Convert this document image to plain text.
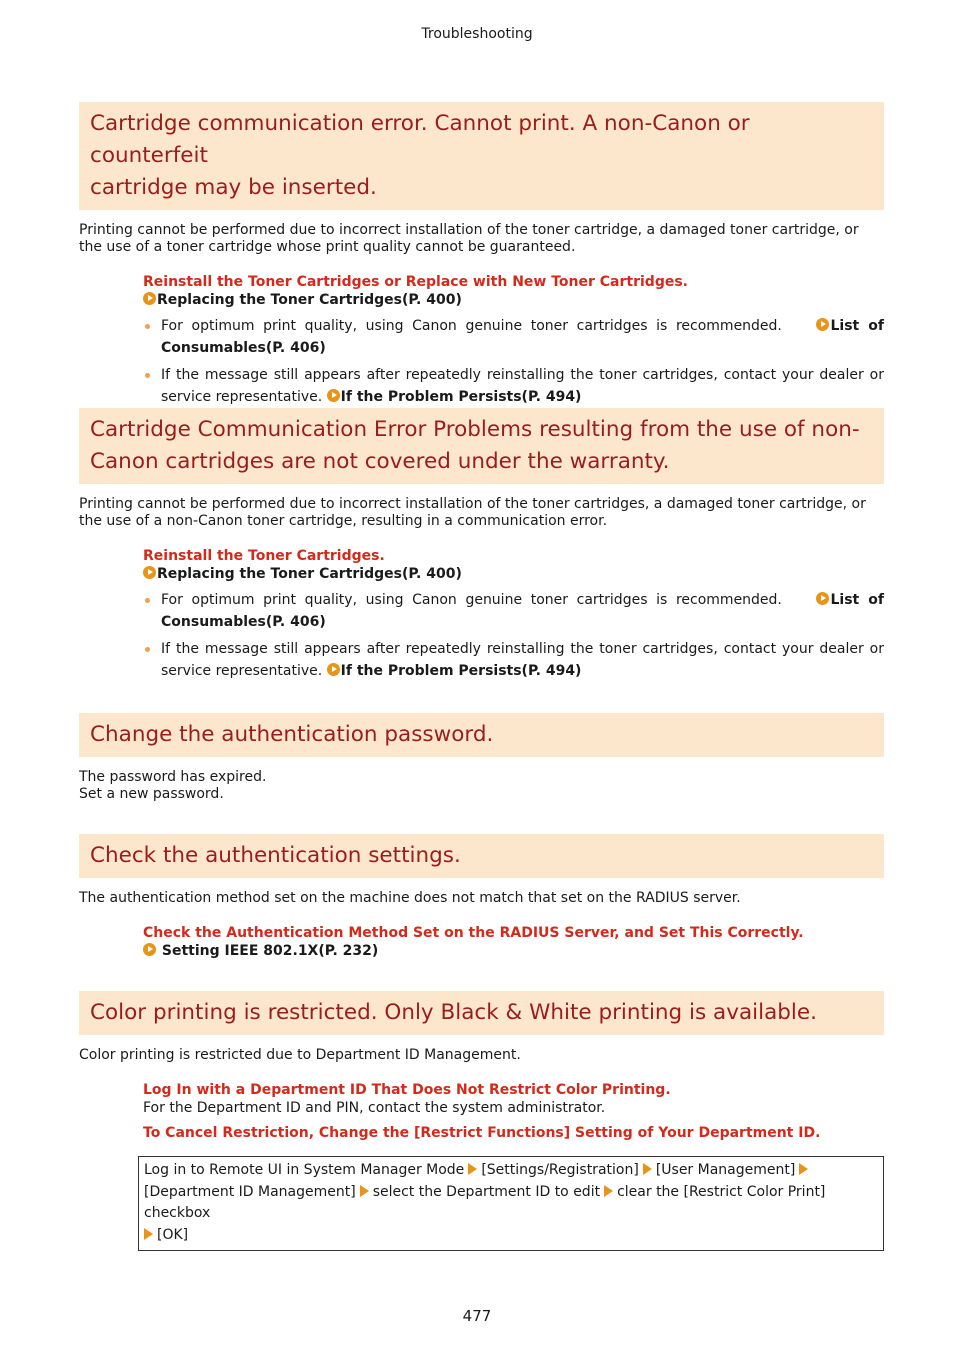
Troubleshooting
Cartridge communication error. Cannot print. A non-Canon or counterfeit
cartridge may be inserted.
Printing cannot be performed due to incorrect installation of the toner cartridge, a damaged toner cartridge, or the use of a toner cartridge whose print quality cannot be guaranteed.
Reinstall the Toner Cartridges or Replace with New Toner Cartridges.
Replacing the Toner Cartridges(P. 400)
For optimum print quality, using Canon genuine toner cartridges is recommended.	List of Consumables(P. 406)
If the message still appears after repeatedly reinstalling the toner cartridges, contact your dealer or service representative. If the Problem Persists(P. 494)
Cartridge Communication Error Problems resulting from the use of non-
Canon cartridges are not covered under the warranty.
Printing cannot be performed due to incorrect installation of the toner cartridges, a damaged toner cartridge, or the use of a non-Canon toner cartridge, resulting in a communication error.
Reinstall the Toner Cartridges.
Replacing the Toner Cartridges(P. 400)
For optimum print quality, using Canon genuine toner cartridges is recommended.	List of Consumables(P. 406)
If the message still appears after repeatedly reinstalling the toner cartridges, contact your dealer or service representative. If the Problem Persists(P. 494)
Change the authentication password.
The password has expired.
Set a new password.
Check the authentication settings.
The authentication method set on the machine does not match that set on the RADIUS server.
Check the Authentication Method Set on the RADIUS Server, and Set This Correctly.
Setting IEEE 802.1X(P. 232)
Color printing is restricted. Only Black & White printing is available.
Color printing is restricted due to Department ID Management.
Log In with a Department ID That Does Not Restrict Color Printing.
For the Department ID and PIN, contact the system administrator.
To Cancel Restriction, Change the [Restrict Functions] Setting of Your Department ID.
Log in to Remote UI in System Manager Mode [Settings/Registration] [User Management]
[Department ID Management] select the Department ID to edit clear the [Restrict Color Print] checkbox
[OK]
477
